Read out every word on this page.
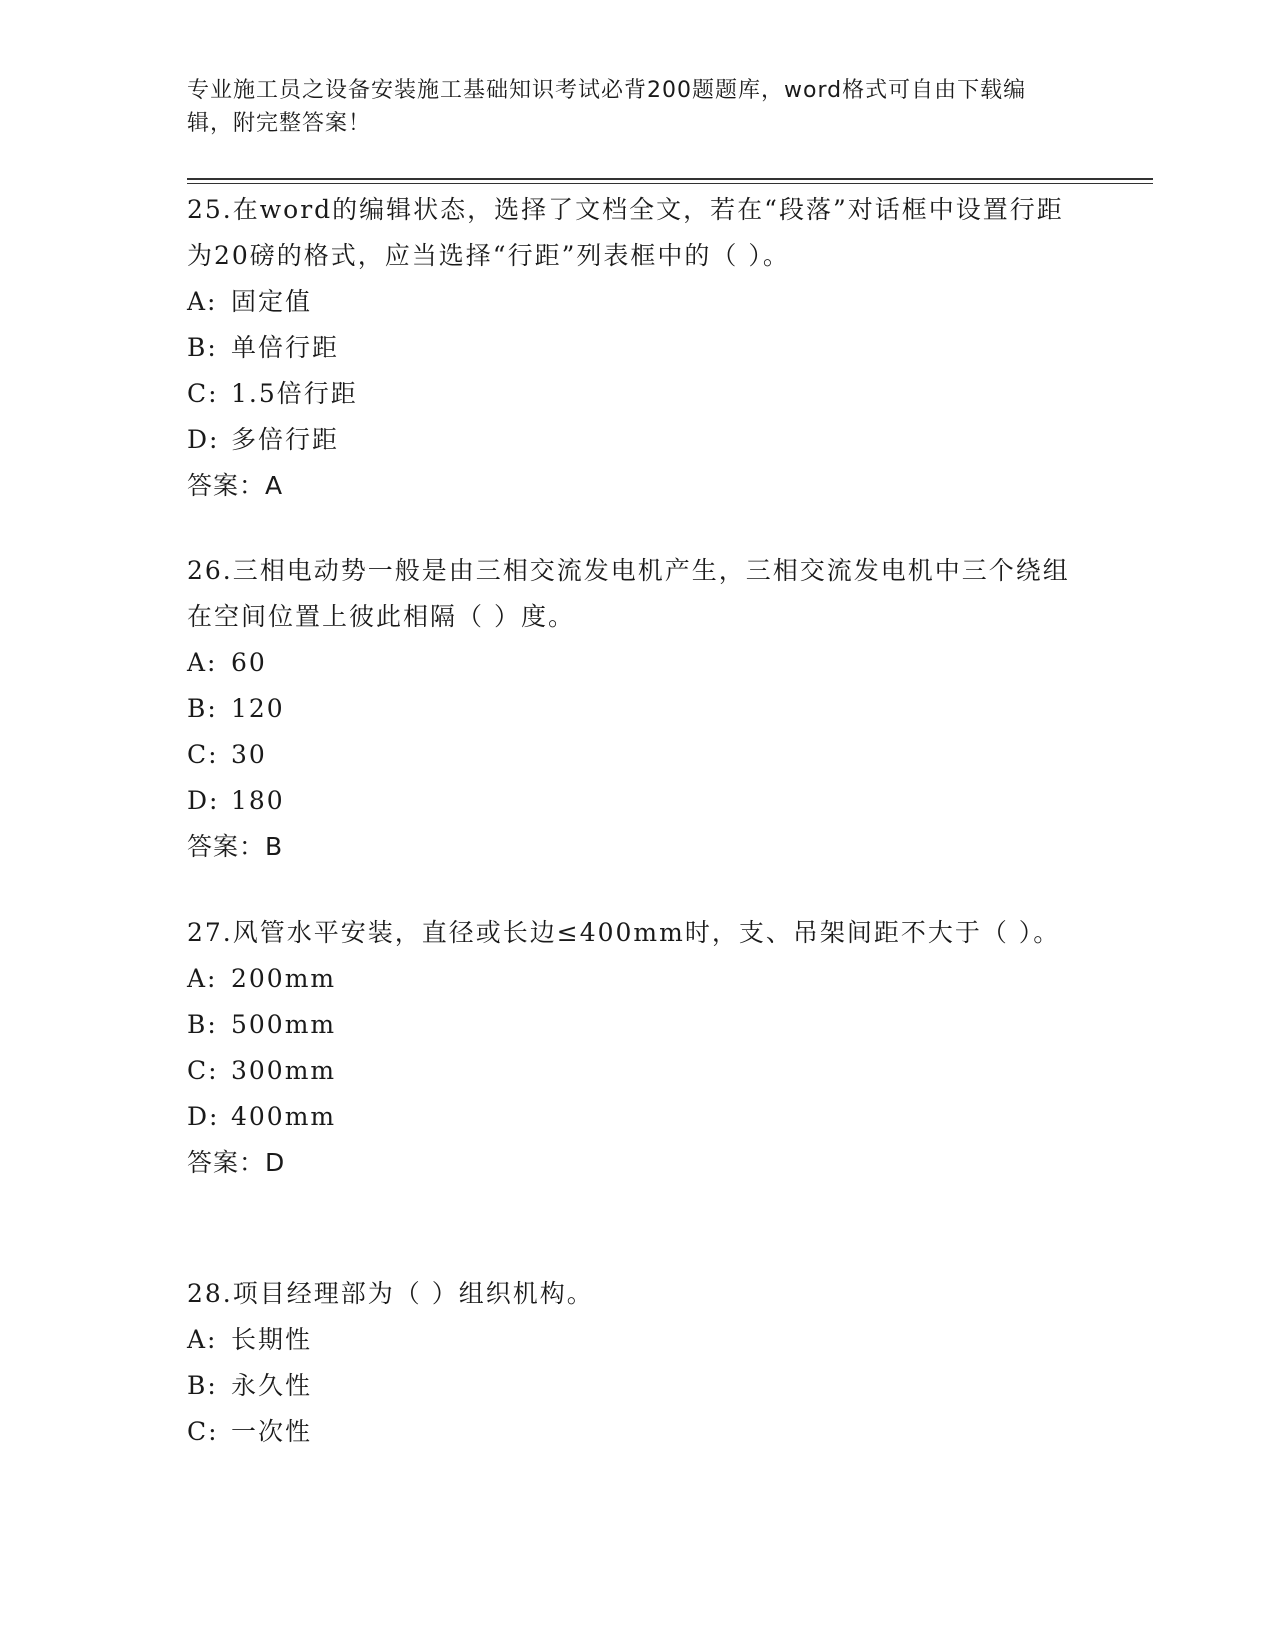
专业施工员之设备安装施工基础知识考试必背200题题库，word格式可自由下载编辑，附完整答案！

25.在word的编辑状态，选择了文档全文，若在“段落”对话框中设置行距为20磅的格式，应当选择“行距”列表框中的（ ）。

A: 固定值

B: 单倍行距

C: 1.5倍行距

D: 多倍行距

答案：A

26.三相电动势一般是由三相交流发电机产生，三相交流发电机中三个绕组在空间位置上彼此相隔（ ）度。

A: 60

B: 120

C: 30

D: 180

答案：B

27.风管水平安装，直径或长边≤400mm时，支、吊架间距不大于（ ）。

A: 200mm

B: 500mm

C: 300mm

D: 400mm

答案：D

28.项目经理部为（ ）组织机构。

A: 长期性

B: 永久性

C: 一次性
